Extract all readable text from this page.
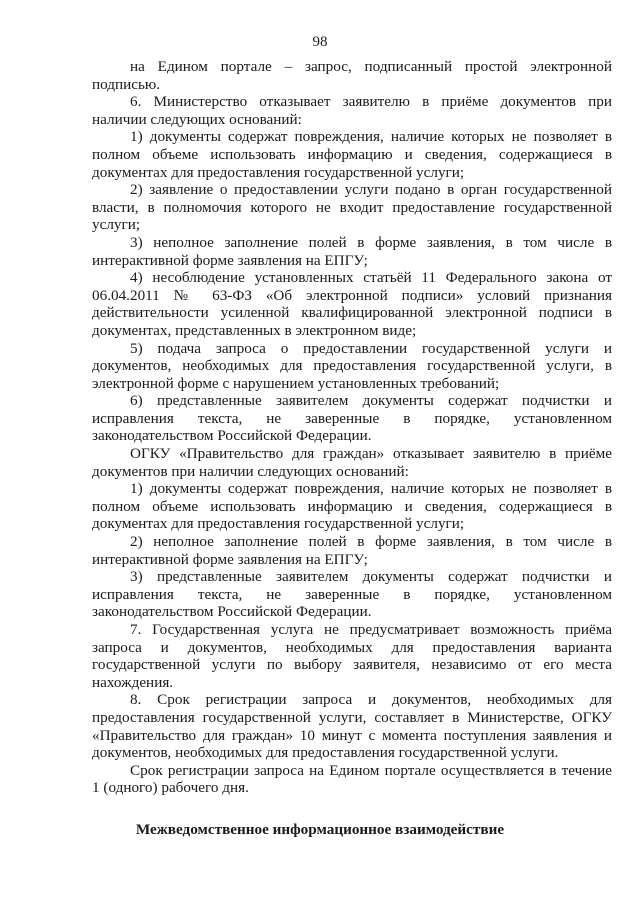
98

на Едином портале – запрос, подписанный простой электронной подписью.

6. Министерство отказывает заявителю в приёме документов при наличии следующих оснований:

1) документы содержат повреждения, наличие которых не позволяет в полном объеме использовать информацию и сведения, содержащиеся в документах для предоставления государственной услуги;

2) заявление о предоставлении услуги подано в орган государственной власти, в полномочия которого не входит предоставление государственной услуги;

3) неполное заполнение полей в форме заявления, в том числе в интерактивной форме заявления на ЕПГУ;

4) несоблюдение установленных статьёй 11 Федерального закона от 06.04.2011 № 63-ФЗ «Об электронной подписи» условий признания действительности усиленной квалифицированной электронной подписи в документах, представленных в электронном виде;

5) подача запроса о предоставлении государственной услуги и документов, необходимых для предоставления государственной услуги, в электронной форме с нарушением установленных требований;

6) представленные заявителем документы содержат подчистки и исправления текста, не заверенные в порядке, установленном законодательством Российской Федерации.

ОГКУ «Правительство для граждан» отказывает заявителю в приёме документов при наличии следующих оснований:

1) документы содержат повреждения, наличие которых не позволяет в полном объеме использовать информацию и сведения, содержащиеся в документах для предоставления государственной услуги;

2) неполное заполнение полей в форме заявления, в том числе в интерактивной форме заявления на ЕПГУ;

3) представленные заявителем документы содержат подчистки и исправления текста, не заверенные в порядке, установленном законодательством Российской Федерации.

7. Государственная услуга не предусматривает возможность приёма запроса и документов, необходимых для предоставления варианта государственной услуги по выбору заявителя, независимо от его места нахождения.

8. Срок регистрации запроса и документов, необходимых для предоставления государственной услуги, составляет в Министерстве, ОГКУ «Правительство для граждан» 10 минут с момента поступления заявления и документов, необходимых для предоставления государственной услуги.

Срок регистрации запроса на Едином портале осуществляется в течение 1 (одного) рабочего дня.

Межведомственное информационное взаимодействие
